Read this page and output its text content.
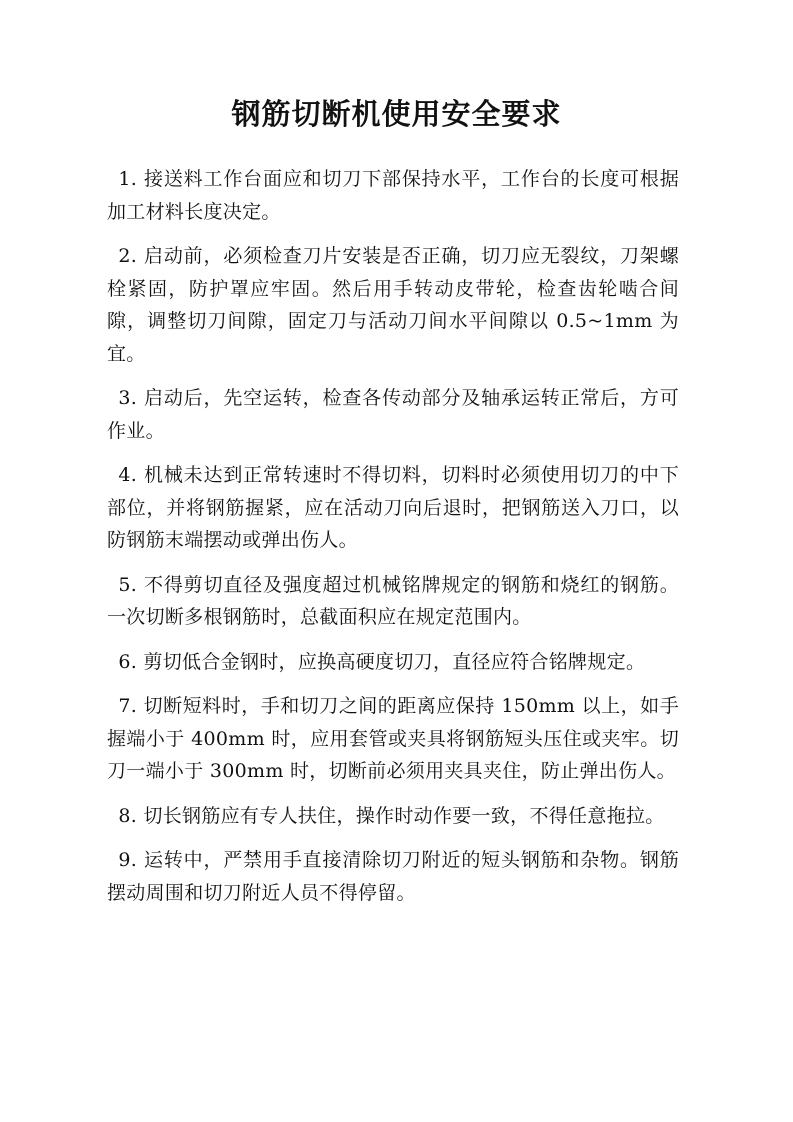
钢筋切断机使用安全要求

1. 接送料工作台面应和切刀下部保持水平，工作台的长度可根据加工材料长度决定。

2. 启动前，必须检查刀片安装是否正确，切刀应无裂纹，刀架螺栓紧固，防护罩应牢固。然后用手转动皮带轮，检查齿轮啮合间隙，调整切刀间隙，固定刀与活动刀间水平间隙以 0.5~1mm 为宜。

3. 启动后，先空运转，检查各传动部分及轴承运转正常后，方可作业。

4. 机械未达到正常转速时不得切料，切料时必须使用切刀的中下部位，并将钢筋握紧，应在活动刀向后退时，把钢筋送入刀口，以防钢筋末端摆动或弹出伤人。

5. 不得剪切直径及强度超过机械铭牌规定的钢筋和烧红的钢筋。一次切断多根钢筋时，总截面积应在规定范围内。

6. 剪切低合金钢时，应换高硬度切刀，直径应符合铭牌规定。

7. 切断短料时，手和切刀之间的距离应保持 150mm 以上，如手握端小于 400mm 时，应用套管或夹具将钢筋短头压住或夹牢。切刀一端小于 300mm 时，切断前必须用夹具夹住，防止弹出伤人。

8. 切长钢筋应有专人扶住，操作时动作要一致，不得任意拖拉。

9. 运转中，严禁用手直接清除切刀附近的短头钢筋和杂物。钢筋摆动周围和切刀附近人员不得停留。
